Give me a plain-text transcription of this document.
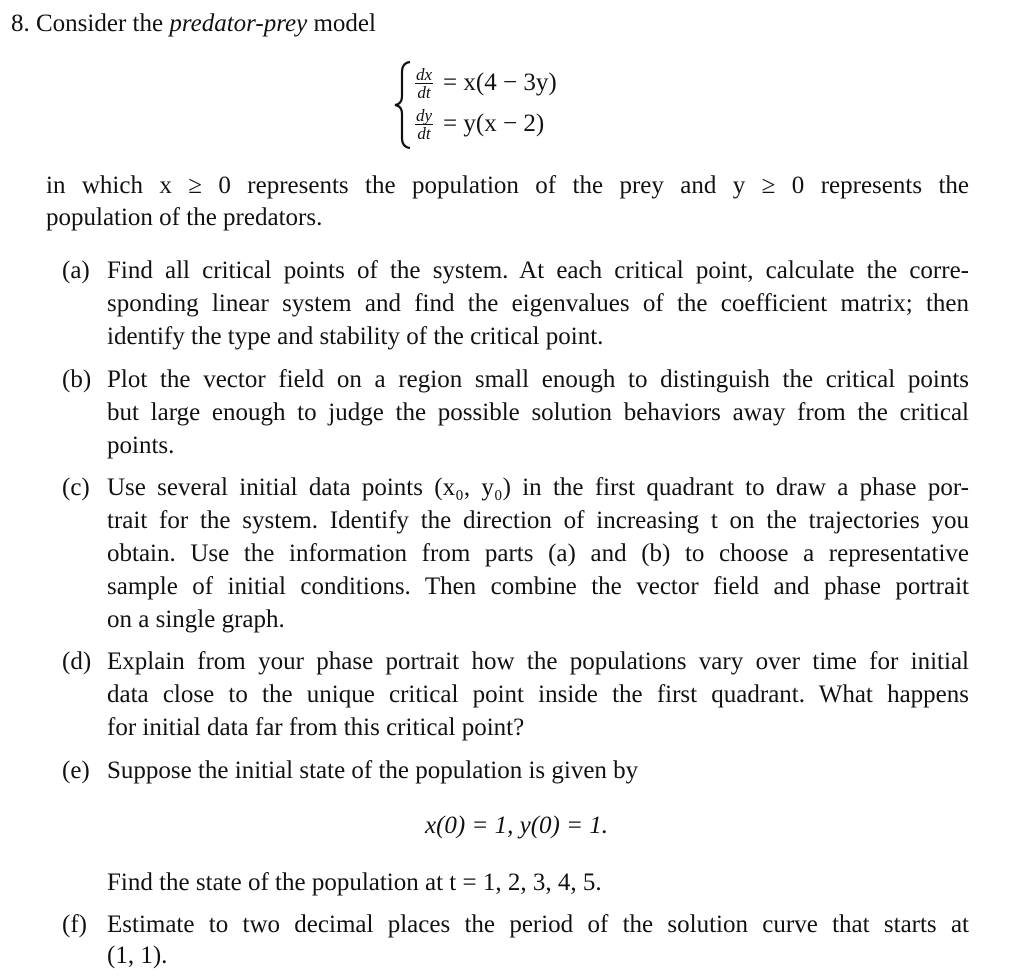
8. Consider the predator-prey model
$\frac{dx}{dt} = x(4 - 3y)$
$\frac{dy}{dt} = y(x - 2)$
in which x ≥ 0 represents the population of the prey and y ≥ 0 represents the
population of the predators.
(a) Find all critical points of the system. At each critical point, calculate the corre-
sponding linear system and find the eigenvalues of the coefficient matrix; then
identify the type and stability of the critical point.
(b) Plot the vector field on a region small enough to distinguish the critical points
but large enough to judge the possible solution behaviors away from the critical
points.
(c) Use several initial data points (x₀, y₀) in the first quadrant to draw a phase por-
trait for the system. Identify the direction of increasing t on the trajectories you
obtain. Use the information from parts (a) and (b) to choose a representative
sample of initial conditions. Then combine the vector field and phase portrait
on a single graph.
(d) Explain from your phase portrait how the populations vary over time for initial
data close to the unique critical point inside the first quadrant. What happens
for initial data far from this critical point?
(e) Suppose the initial state of the population is given by
x(0) = 1, y(0) = 1.
Find the state of the population at t = 1, 2, 3, 4, 5.
(f) Estimate to two decimal places the period of the solution curve that starts at
(1, 1).
